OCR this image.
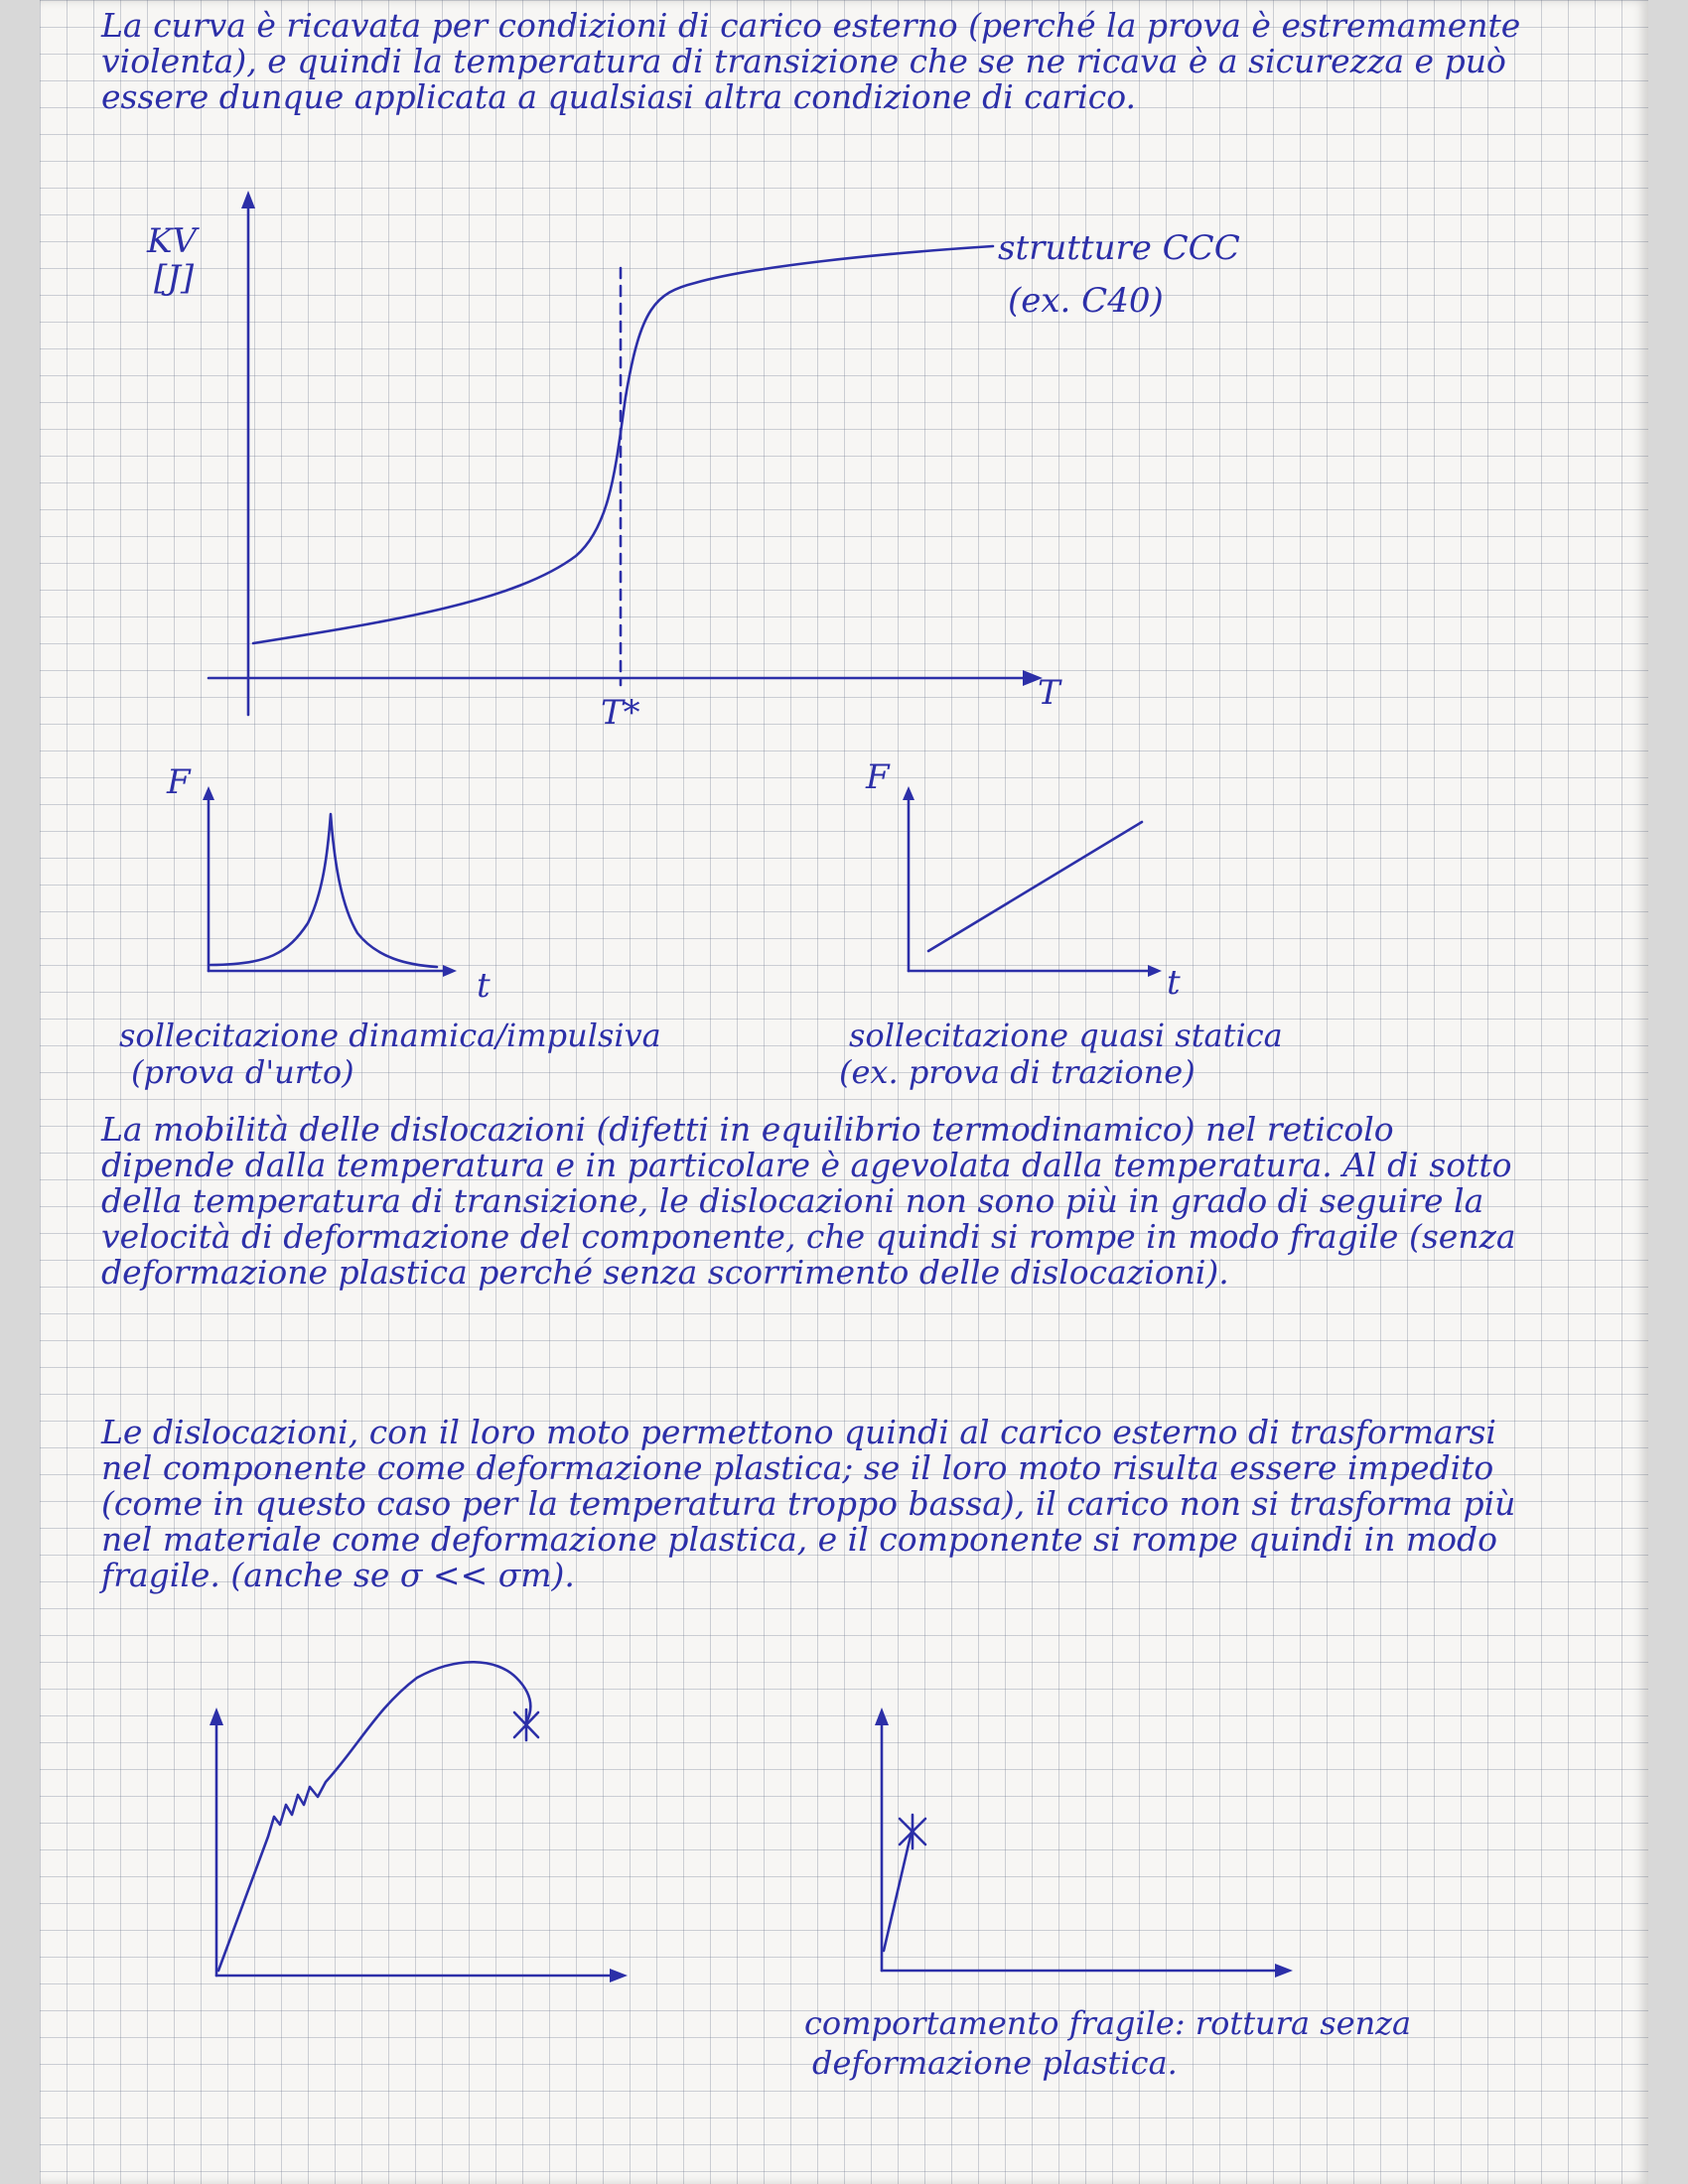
La curva è ricavata per condizioni di carico esterno (perché la prova è estremamente violenta), e quindi la temperatura di transizione che se ne ricava è a sicurezza e può essere dunque applicata a qualsiasi altra condizione di carico.
KV
[J]
T
T*
strutture CCC
(ex. C40)
F
t
F
t
sollecitazione dinamica/impulsiva
(prova d'urto)
sollecitazione quasi statica
(ex. prova di trazione)
La mobilità delle dislocazioni (difetti in equilibrio termodinamico) nel reticolo dipende dalla temperatura e in particolare è agevolata dalla temperatura. Al di sotto della temperatura di transizione, le dislocazioni non sono più in grado di seguire la velocità di deformazione del componente, che quindi si rompe in modo fragile (senza deformazione plastica perché senza scorrimento delle dislocazioni).
Le dislocazioni, con il loro moto permettono quindi al carico esterno di trasformarsi nel componente come deformazione plastica; se il loro moto risulta essere impedito (come in questo caso per la temperatura troppo bassa), il carico non si trasforma più nel materiale come deformazione plastica, e il componente si rompe quindi in modo fragile. (anche se σ << σm).
comportamento fragile: rottura senza
deformazione plastica.
